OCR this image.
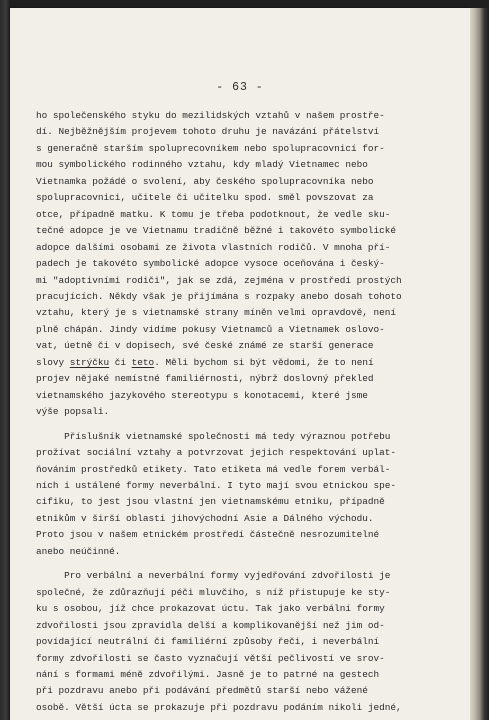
- 63 -
ho společenského styku do mezilidských vztahů v našem prostře-
dí. Nejběžnějším projevem tohoto druhu je navázání přátelství
s generačně starším spoluprecovníkem nebo spolupracovnicí for-
mou symbolického rodinného vztahu, kdy mladý Vietnamec nebo
Vietnamka požádé o svolení, aby českého spolupracovníka nebo
spolupracovnici, učitele či učitelku spod. směl povszovat za
otce, případně matku. K tomu je třeba podotknout, že vedle sku-
tečné adopce je ve Vietnamu tradičně běžné i takovéto symbolické
adopce dalšími osobami ze života vlastních rodičů. V mnoha pří-
padech je takovéto symbolické adopce vysoce oceňována i český-
mi "adoptivními rodiči", jak se zdá, zejména v prostředí prostých
pracujících. Někdy však je přijímána s rozpaky anebo dosah tohoto
vztahu, který je s vietnamské strany míněn velmi opravdově, není
plně chápán. Jindy vidíme pokusy Vietnamců a Vietnamek oslovo-
vat, úetně či v dopisech, své české známé ze starší generace
slovy strýčku či teto. Měli bychom si být vědomi, že to není
projev nějaké nemístné familiérnosti, nýbrž doslovný překled
vietnamského jazykového stereotypu s konotacemi, které jsme
výše popsali.
Příslušník vietnamské společnosti má tedy výraznou potřebu
prožívat sociální vztahy a potvrzovat jejich respektování uplat-
ňováním prostředků etikety. Tato etiketa má vedle forem verbál-
ních i ustálené formy neverbální. I tyto mají svou etnickou spe-
cifiku, to jest jsou vlastní jen vietnamskému etniku, případně
etnikům v širší oblasti jihovýchodní Asie a Dálného východu.
Proto jsou v našem etnickém prostředí částečně nesrozumitelné
anebo neúčinné.
Pro verbální a neverbální formy vyjedřování zdvořilosti je
společné, že zdůrazňují péči mluvčího, s níž přistupuje ke sty-
ku s osobou, jíž chce prokazovat úctu. Tak jako verbální formy
zdvořilosti jsou zpravidla delší a komplikovanější než jim od-
povídající neutrální či familiérní způsoby řeči, i neverbální
formy zdvořilosti se často vyznačují větší pečlivostí ve srov-
nání s formami méně zdvořilými. Jasně je to patrné na gestech
při pozdravu anebo při podávání předmětů starší nebo vážené
osobě. Větší úcta se prokazuje při pozdravu podáním nikoli jedné,
